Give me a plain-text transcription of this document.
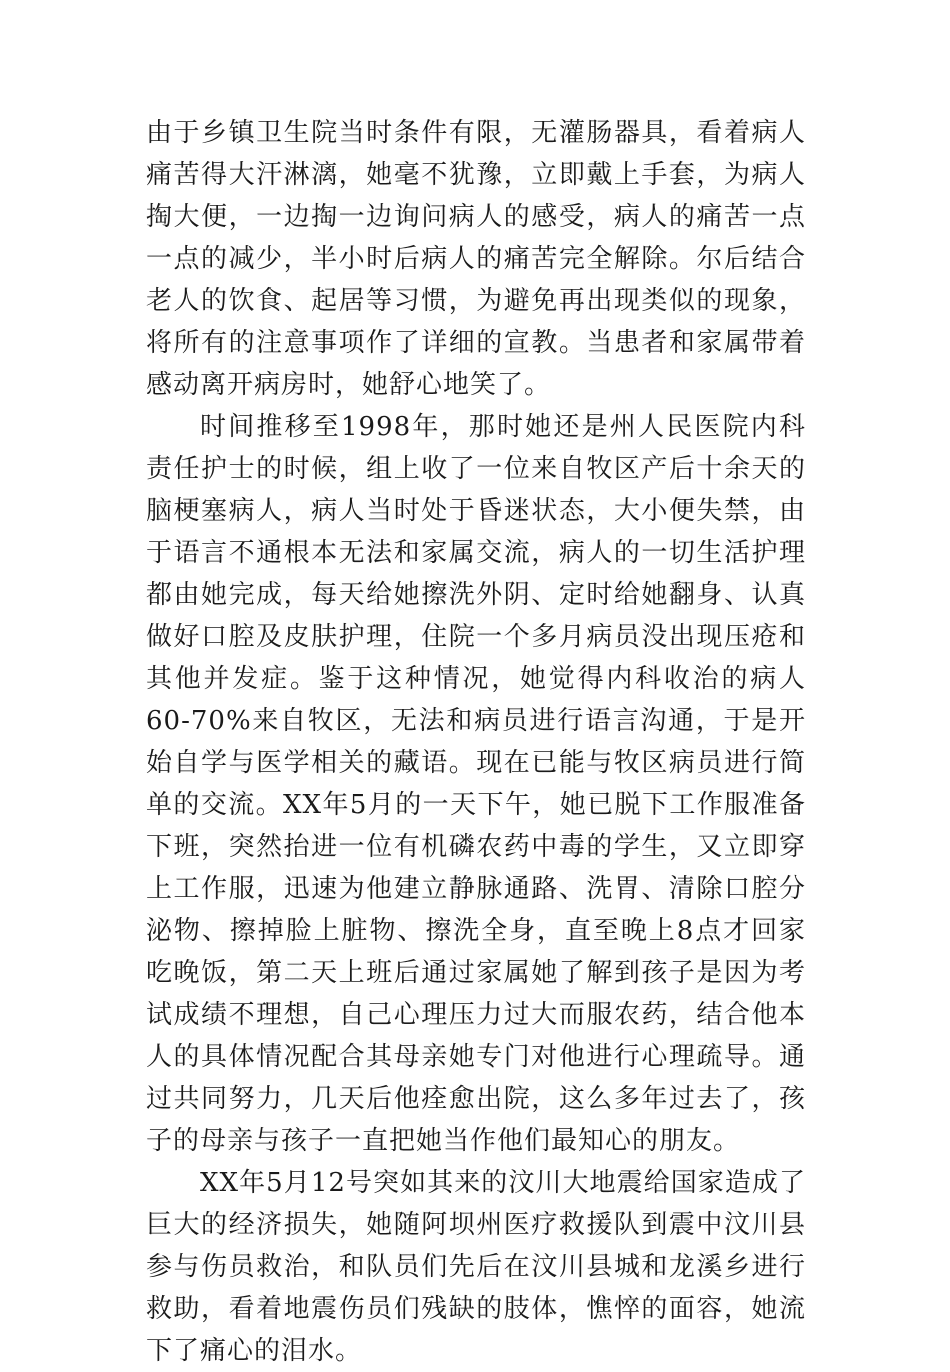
由于乡镇卫生院当时条件有限，无灌肠器具，看着病人痛苦得大汗淋漓，她毫不犹豫，立即戴上手套，为病人掏大便，一边掏一边询问病人的感受，病人的痛苦一点一点的减少，半小时后病人的痛苦完全解除。尔后结合老人的饮食、起居等习惯，为避免再出现类似的现象，将所有的注意事项作了详细的宣教。当患者和家属带着感动离开病房时，她舒心地笑了。

时间推移至1998年，那时她还是州人民医院内科责任护士的时候，组上收了一位来自牧区产后十余天的脑梗塞病人，病人当时处于昏迷状态，大小便失禁，由于语言不通根本无法和家属交流，病人的一切生活护理都由她完成，每天给她擦洗外阴、定时给她翻身、认真做好口腔及皮肤护理，住院一个多月病员没出现压疮和其他并发症。鉴于这种情况，她觉得内科收治的病人60-70%来自牧区，无法和病员进行语言沟通，于是开始自学与医学相关的藏语。现在已能与牧区病员进行简单的交流。XX年5月的一天下午，她已脱下工作服准备下班，突然抬进一位有机磷农药中毒的学生，又立即穿上工作服，迅速为他建立静脉通路、洗胃、清除口腔分泌物、擦掉脸上脏物、擦洗全身，直至晚上8点才回家吃晚饭，第二天上班后通过家属她了解到孩子是因为考试成绩不理想，自己心理压力过大而服农药，结合他本人的具体情况配合其母亲她专门对他进行心理疏导。通过共同努力，几天后他痊愈出院，这么多年过去了，孩子的母亲与孩子一直把她当作他们最知心的朋友。

XX年5月12号突如其来的汶川大地震给国家造成了巨大的经济损失，她随阿坝州医疗救援队到震中汶川县参与伤员救治，和队员们先后在汶川县城和龙溪乡进行救助，看着地震伤员们残缺的肢体，憔悴的面容，她流下了痛心的泪水。
